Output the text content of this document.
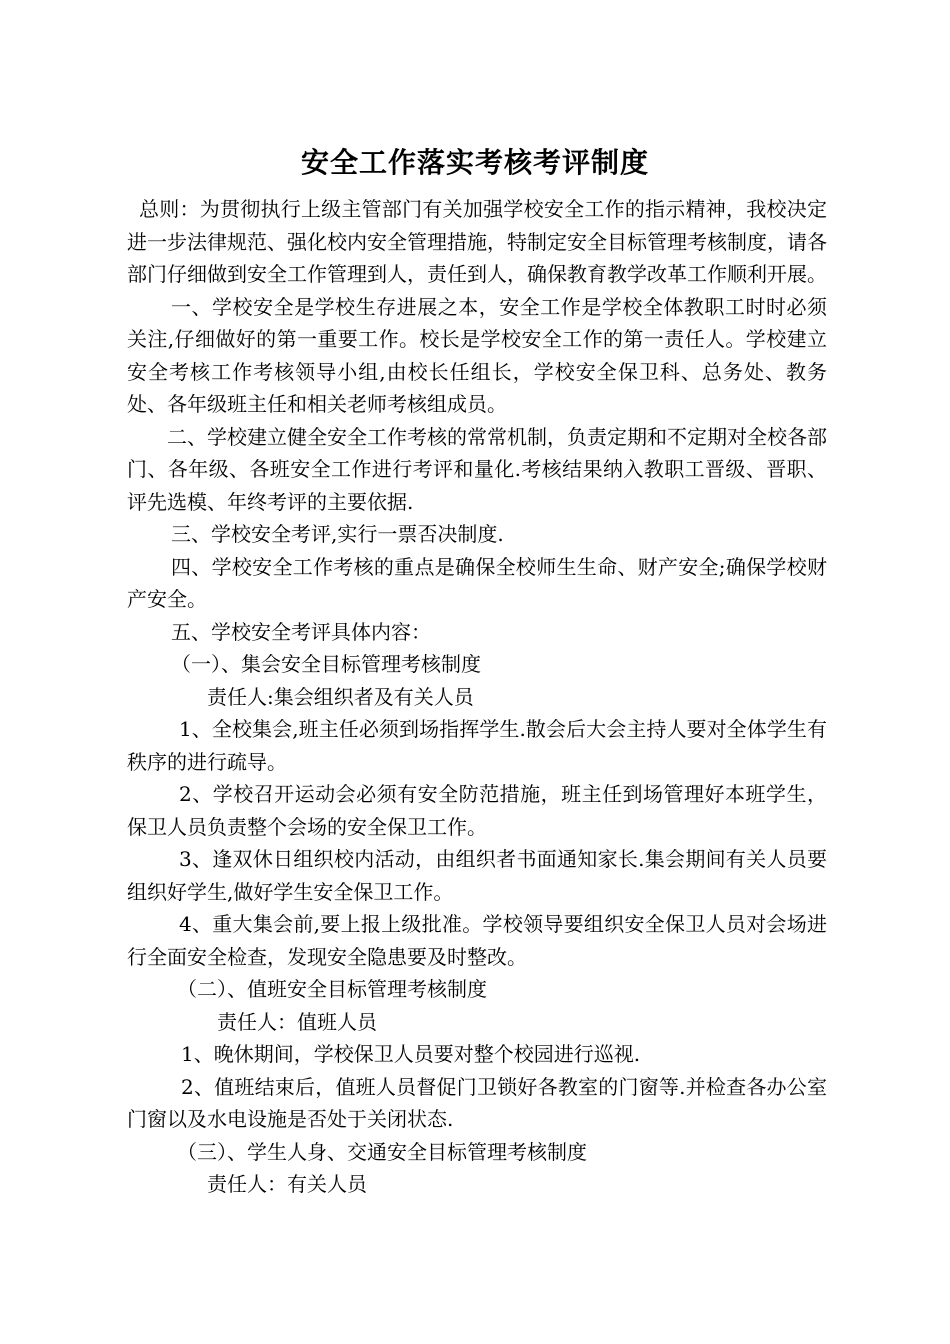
安全工作落实考核考评制度

总则：为贯彻执行上级主管部门有关加强学校安全工作的指示精神，我校决定进一步法律规范、强化校内安全管理措施，特制定安全目标管理考核制度，请各部门仔细做到安全工作管理到人，责任到人，确保教育教学改革工作顺利开展。

一、学校安全是学校生存进展之本，安全工作是学校全体教职工时时必须关注,仔细做好的第一重要工作。校长是学校安全工作的第一责任人。学校建立安全考核工作考核领导小组,由校长任组长，学校安全保卫科、总务处、教务处、各年级班主任和相关老师考核组成员。

二、学校建立健全安全工作考核的常常机制，负责定期和不定期对全校各部门、各年级、各班安全工作进行考评和量化.考核结果纳入教职工晋级、晋职、评先选模、年终考评的主要依据.

三、学校安全考评,实行一票否决制度.

四、学校安全工作考核的重点是确保全校师生生命、财产安全;确保学校财产安全。

五、学校安全考评具体内容：

（一）、集会安全目标管理考核制度

责任人:集会组织者及有关人员

1、全校集会,班主任必须到场指挥学生.散会后大会主持人要对全体学生有秩序的进行疏导。

2、学校召开运动会必须有安全防范措施，班主任到场管理好本班学生，保卫人员负责整个会场的安全保卫工作。

3、逢双休日组织校内活动，由组织者书面通知家长.集会期间有关人员要组织好学生,做好学生安全保卫工作。

4、重大集会前,要上报上级批准。学校领导要组织安全保卫人员对会场进行全面安全检查，发现安全隐患要及时整改。

（二）、值班安全目标管理考核制度

责任人：值班人员

1、晚休期间，学校保卫人员要对整个校园进行巡视.

2、值班结束后，值班人员督促门卫锁好各教室的门窗等.并检查各办公室门窗以及水电设施是否处于关闭状态.

（三）、学生人身、交通安全目标管理考核制度

责任人：有关人员
